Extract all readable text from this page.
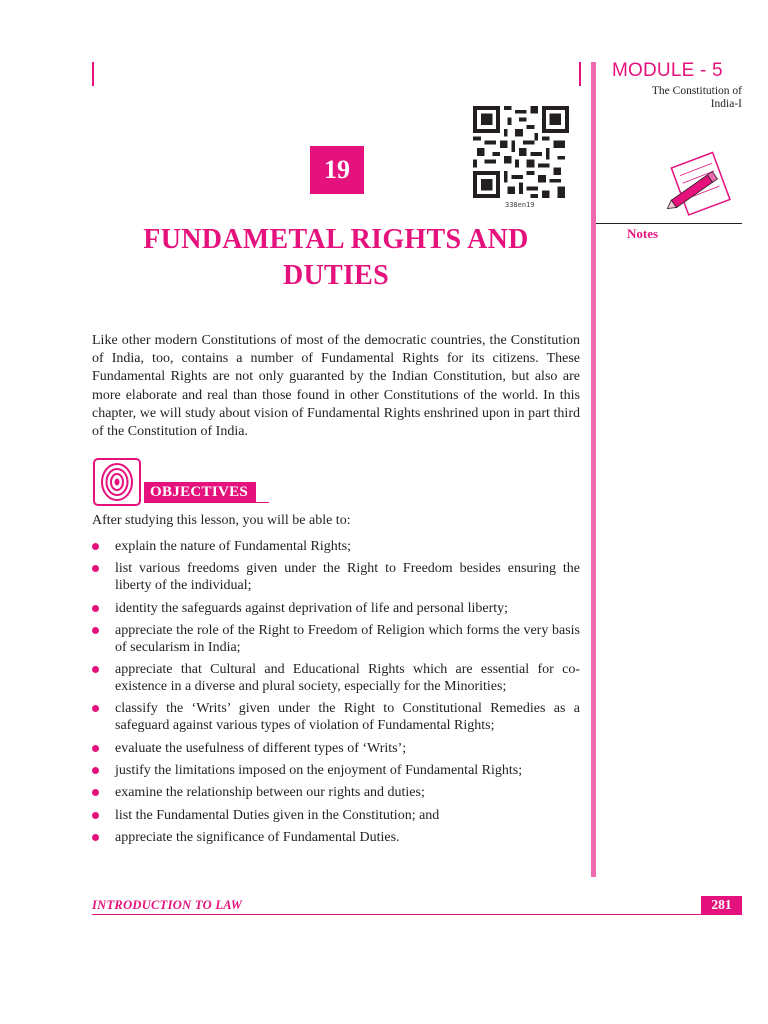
MODULE - 5
The Constitution of
India-I
Notes
338en19
19
FUNDAMETAL RIGHTS AND
DUTIES

Like other modern Constitutions of most of the democratic countries, the Constitution of India, too, contains a number of Fundamental Rights for its citizens. These Fundamental Rights are not only guaranted by the Indian Constitution, but also are more elaborate and real than those found in other Constitutions of the world. In this chapter, we will study about vision of Fundamental Rights enshrined upon in part third of the Constitution of India.

OBJECTIVES
After studying this lesson, you will be able to:
explain the nature of Fundamental Rights;
list various freedoms given under the Right to Freedom besides ensuring the liberty of the individual;
identity the safeguards against deprivation of life and personal liberty;
appreciate the role of the Right to Freedom of Religion which forms the very basis of secularism in India;
appreciate that Cultural and Educational Rights which are essential for co-existence in a diverse and plural society, especially for the Minorities;
classify the ‘Writs’ given under the Right to Constitutional Remedies as a safeguard against various types of violation of Fundamental Rights;
evaluate the usefulness of different types of ‘Writs’;
justify the limitations imposed on the enjoyment of Fundamental Rights;
examine the relationship between our rights and duties;
list the Fundamental Duties given in the Constitution; and
appreciate the significance of Fundamental Duties.
INTRODUCTION TO LAW	281
